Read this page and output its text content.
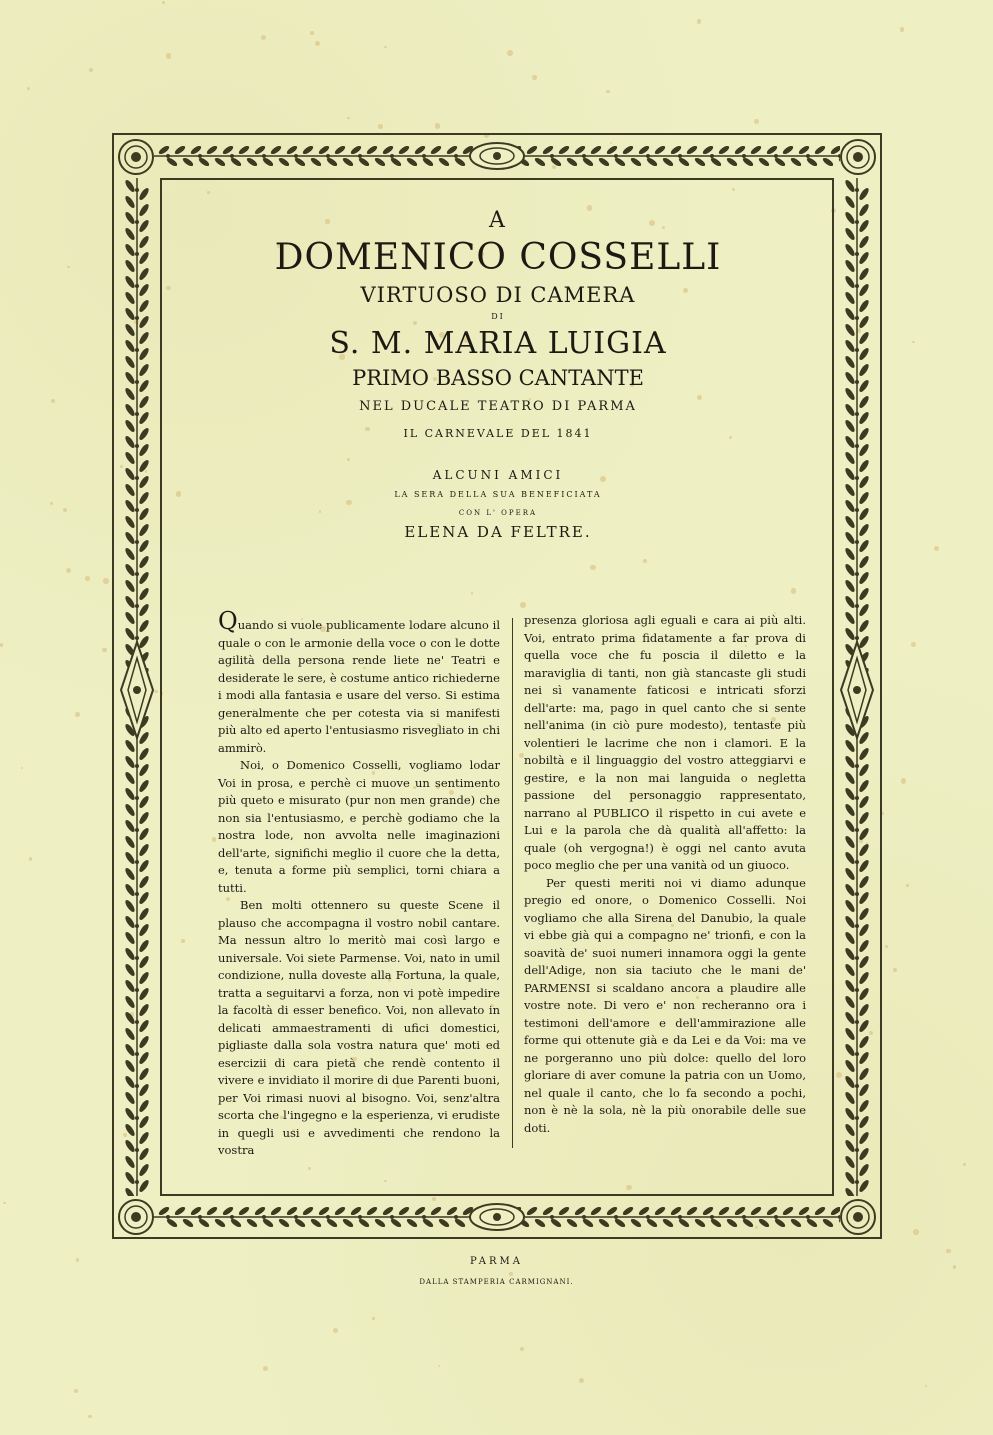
A

DOMENICO COSSELLI

VIRTUOSO DI CAMERA

DI

S. M. MARIA LUIGIA

PRIMO BASSO CANTANTE

NEL DUCALE TEATRO DI PARMA

IL CARNEVALE DEL 1841

ALCUNI AMICI

LA SERA DELLA SUA BENEFICIATA

CON L' OPERA

ELENA DA FELTRE.

Quando si vuole publicamente lodare alcuno il quale o con le armonie della voce o con le dotte agilità della persona rende liete ne' Teatri e desiderate le sere, è costume antico richiederne i modi alla fantasia e usare del verso. Si estima generalmente che per cotesta via si manifesti più alto ed aperto l'entusiasmo risvegliato in chi ammirò.

Noi, o Domenico Cosselli, vogliamo lodar Voi in prosa, e perchè ci muove un sentimento più queto e misurato (pur non men grande) che non sia l'entusiasmo, e perchè godiamo che la nostra lode, non avvolta nelle imaginazioni dell'arte, significhi meglio il cuore che la detta, e, tenuta a forme più semplici, torni chiara a tutti.

Ben molti ottennero su queste Scene il plauso che accompagna il vostro nobil cantare. Ma nessun altro lo meritò mai così largo e universale. Voi siete Parmense. Voi, nato in umil condizione, nulla doveste alla Fortuna, la quale, tratta a seguitarvi a forza, non vi potè impedire la facoltà di esser benefico. Voi, non allevato in delicati ammaestramenti di ufici domestici, pigliaste dalla sola vostra natura que' moti ed esercizii di cara pietà che rendè contento il vivere e invidiato il morire di due Parenti buoni, per Voi rimasi nuovi al bisogno. Voi, senz'altra scorta che l'ingegno e la esperienza, vi erudiste in quegli usi e avvedimenti che rendono la vostra

presenza gloriosa agli eguali e cara ai più alti. Voi, entrato prima fidatamente a far prova di quella voce che fu poscia il diletto e la maraviglia di tanti, non già stancaste gli studi nei sì vanamente faticosi e intricati sforzi dell'arte: ma, pago in quel canto che si sente nell'anima (in ciò pure modesto), tentaste più volentieri le lacrime che non i clamori. E la nobiltà e il linguaggio del vostro atteggiarvi e gestire, e la non mai languida o negletta passione del personaggio rappresentato, narrano al PUBLICO il rispetto in cui avete e Lui e la parola che dà qualità all'affetto: la quale (oh vergogna!) è oggi nel canto avuta poco meglio che per una vanità od un giuoco.

Per questi meriti noi vi diamo adunque pregio ed onore, o Domenico Cosselli. Noi vogliamo che alla Sirena del Danubio, la quale vi ebbe già qui a compagno ne' trionfi, e con la soavità de' suoi numeri innamora oggi la gente dell'Adige, non sia taciuto che le mani de' PARMENSI si scaldano ancora a plaudire alle vostre note. Di vero e' non recheranno ora i testimoni dell'amore e dell'ammirazione alle forme qui ottenute già e da Lei e da Voi: ma ve ne porgeranno uno più dolce: quello del loro gloriare di aver comune la patria con un Uomo, nel quale il canto, che lo fa secondo a pochi, non è nè la sola, nè la più onorabile delle sue doti.

PARMA

DALLA STAMPERIA CARMIGNANI.
